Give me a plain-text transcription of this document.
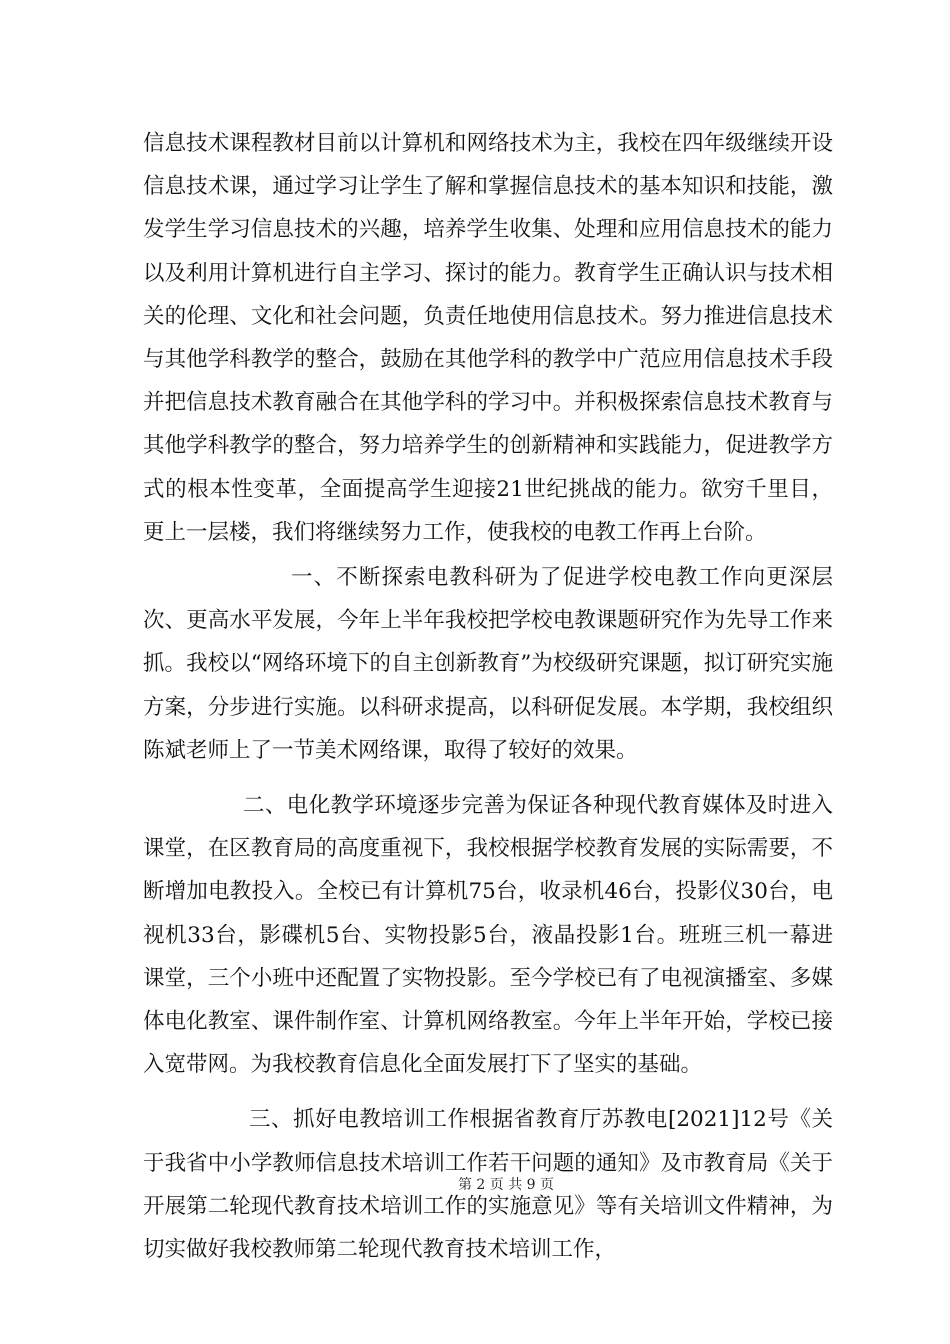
信息技术课程教材目前以计算机和网络技术为主，我校在四年级继续开设信息技术课，通过学习让学生了解和掌握信息技术的基本知识和技能，激发学生学习信息技术的兴趣，培养学生收集、处理和应用信息技术的能力以及利用计算机进行自主学习、探讨的能力。教育学生正确认识与技术相关的伦理、文化和社会问题，负责任地使用信息技术。努力推进信息技术与其他学科教学的整合，鼓励在其他学科的教学中广范应用信息技术手段并把信息技术教育融合在其他学科的学习中。并积极探索信息技术教育与其他学科教学的整合，努力培养学生的创新精神和实践能力，促进教学方式的根本性变革，全面提高学生迎接21世纪挑战的能力。欲穷千里目，更上一层楼，我们将继续努力工作，使我校的电教工作再上台阶。

一、不断探索电教科研为了促进学校电教工作向更深层次、更高水平发展，今年上半年我校把学校电教课题研究作为先导工作来抓。我校以“网络环境下的自主创新教育”为校级研究课题，拟订研究实施方案，分步进行实施。以科研求提高，以科研促发展。本学期，我校组织陈斌老师上了一节美术网络课，取得了较好的效果。

二、电化教学环境逐步完善为保证各种现代教育媒体及时进入课堂，在区教育局的高度重视下，我校根据学校教育发展的实际需要，不断增加电教投入。全校已有计算机75台，收录机46台，投影仪30台，电视机33台，影碟机5台、实物投影5台，液晶投影1台。班班三机一幕进课堂，三个小班中还配置了实物投影。至今学校已有了电视演播室、多媒体电化教室、课件制作室、计算机网络教室。今年上半年开始，学校已接入宽带网。为我校教育信息化全面发展打下了坚实的基础。

三、抓好电教培训工作根据省教育厅苏教电[2021]12号《关于我省中小学教师信息技术培训工作若干问题的通知》及市教育局《关于开展第二轮现代教育技术培训工作的实施意见》等有关培训文件精神，为切实做好我校教师第二轮现代教育技术培训工作，

第 2 页 共 9 页
